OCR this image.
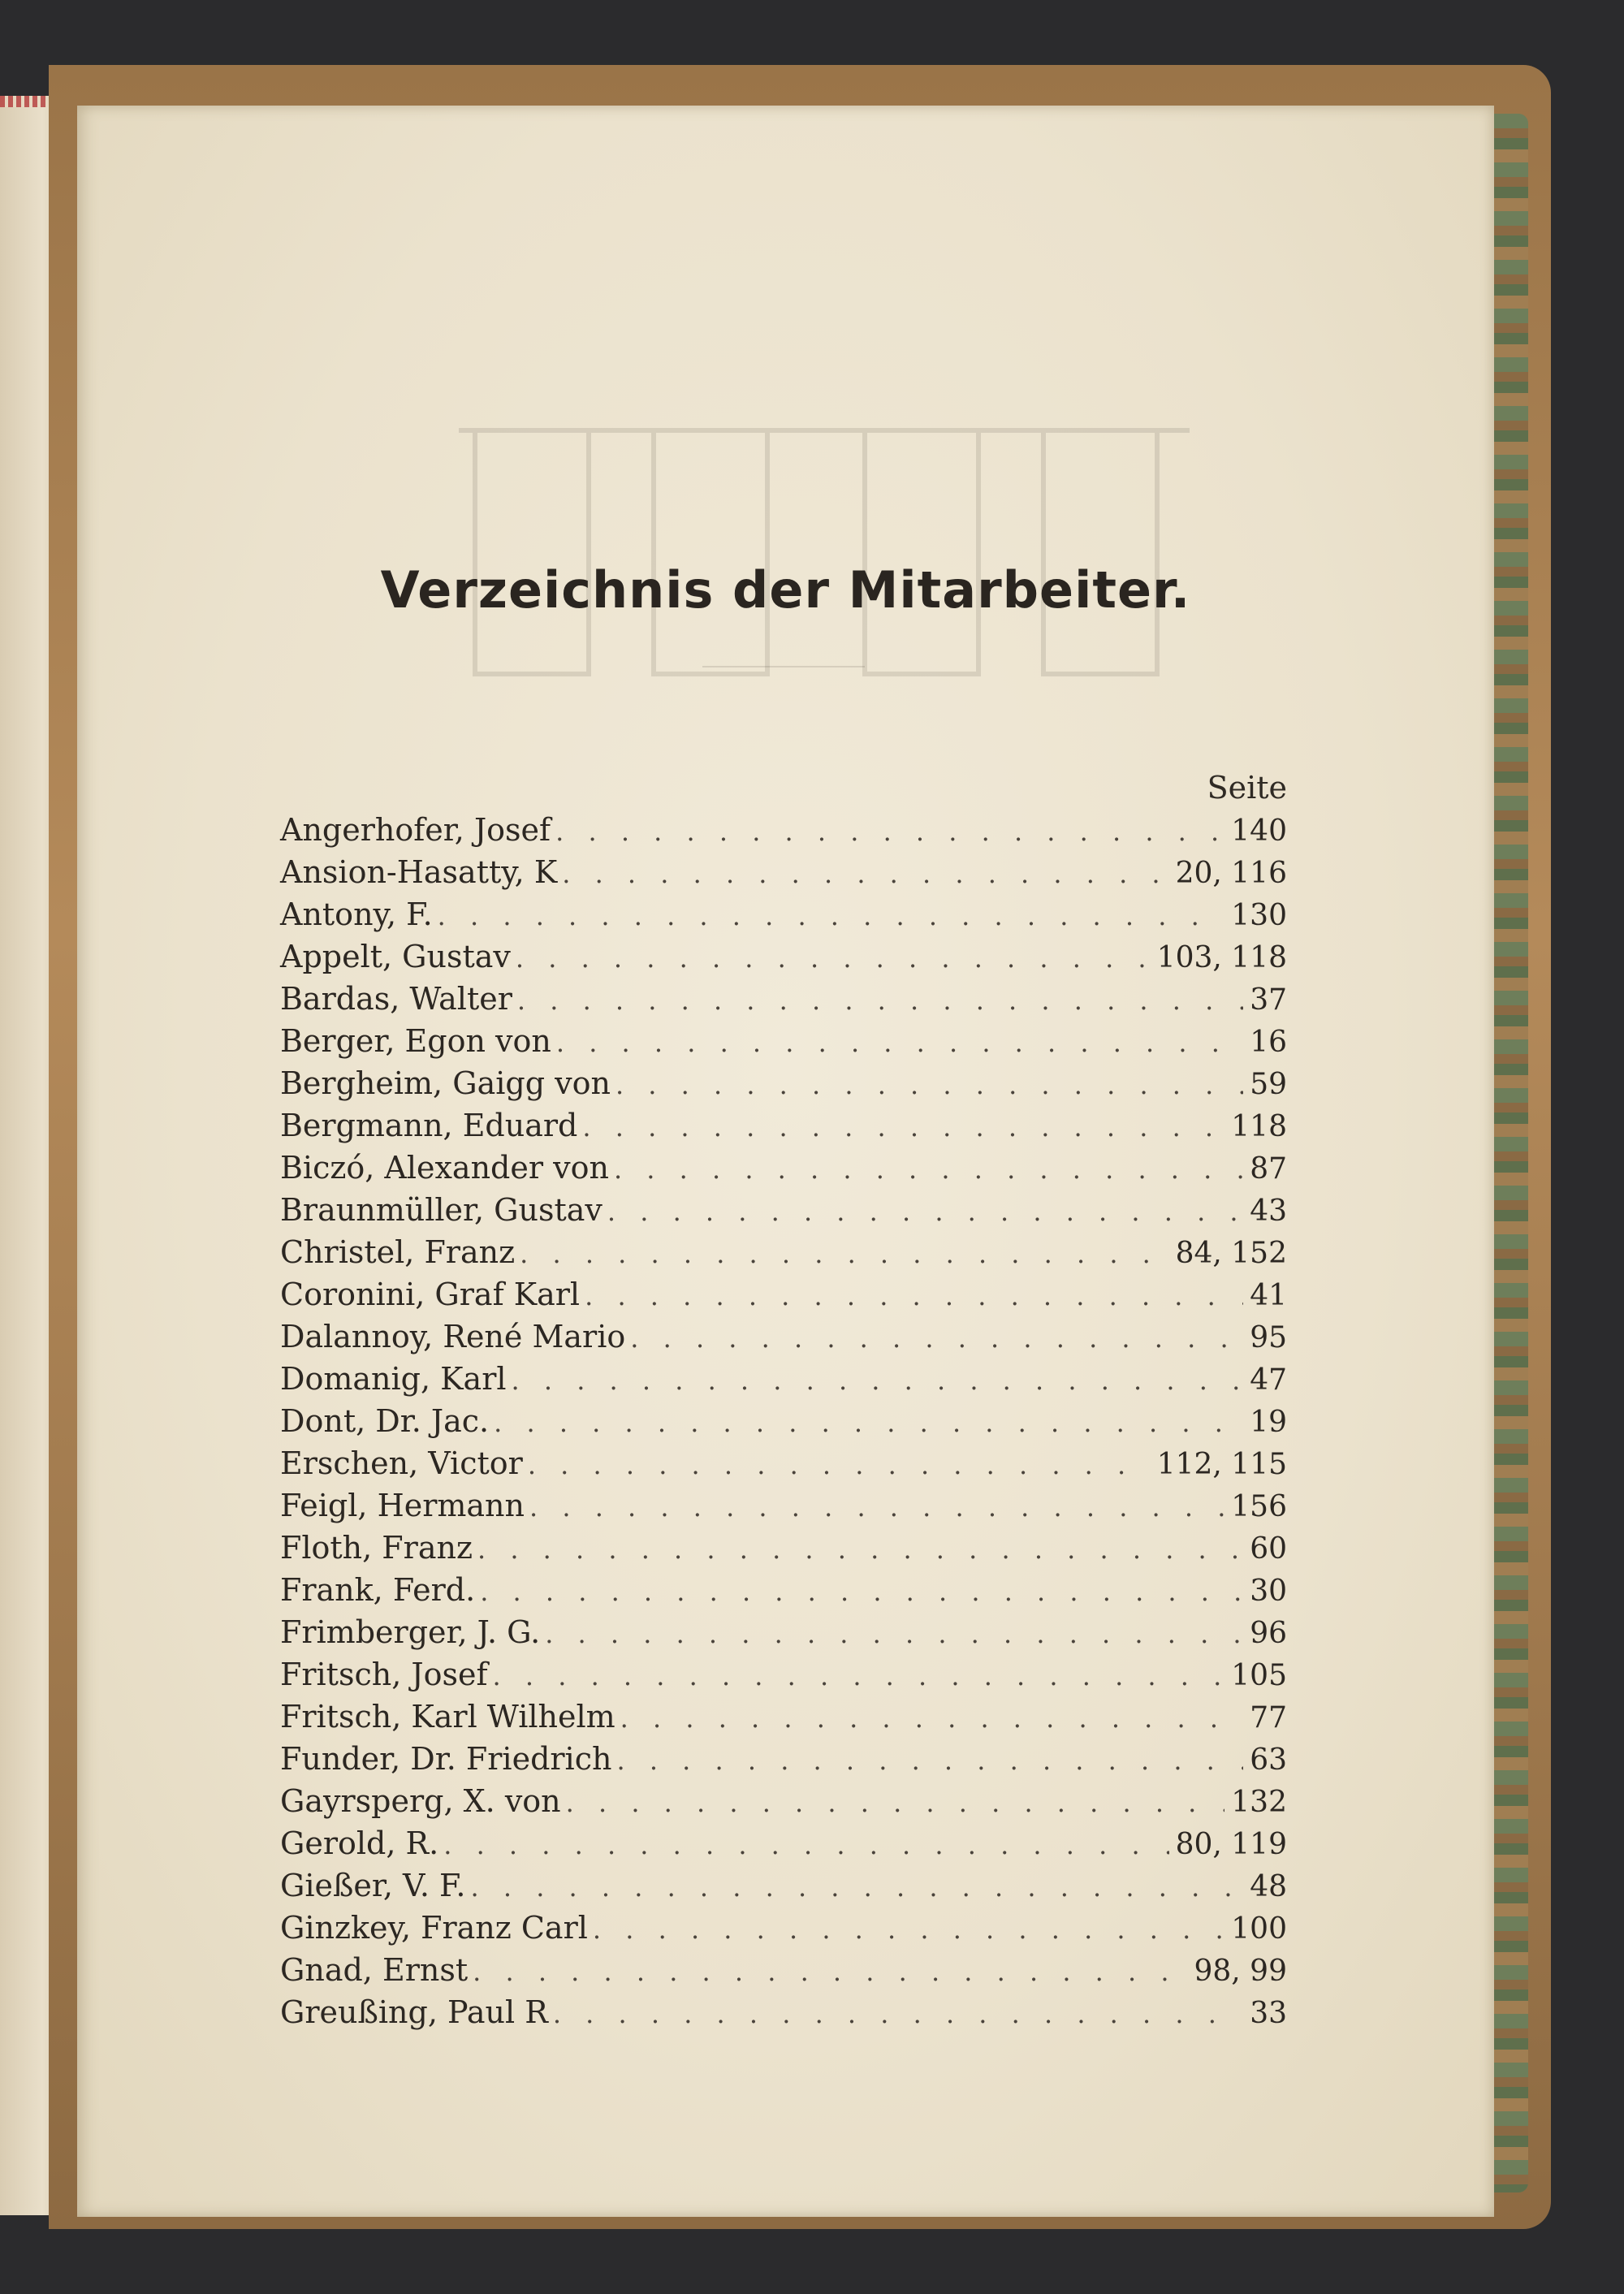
Verzeichnis der Mitarbeiter.
Seite
Angerhofer, Josef . . .	140
Ansion-Hasatty, K . . .	20, 116
Antony, F. . . .	130
Appelt, Gustav . . .	103, 118
Bardas, Walter . . .	37
Berger, Egon von . . .	16
Bergheim, Gaigg von . . .	59
Bergmann, Eduard . . .	118
Biczó, Alexander von . . .	87
Braunmüller, Gustav . . .	43
Christel, Franz . . .	84, 152
Coronini, Graf Karl . . .	41
Dalannoy, René Mario . . .	95
Domanig, Karl . . .	47
Dont, Dr. Jac. . . .	19
Erschen, Victor . . .	112, 115
Feigl, Hermann . . .	156
Floth, Franz . . .	60
Frank, Ferd. . . .	30
Frimberger, J. G. . . .	96
Fritsch, Josef . . .	105
Fritsch, Karl Wilhelm . . .	77
Funder, Dr. Friedrich . . .	63
Gayrsperg, X. von . . .	132
Gerold, R. . . .	80, 119
Gießer, V. F. . . .	48
Ginzkey, Franz Carl . . .	100
Gnad, Ernst . . .	98, 99
Greußing, Paul R . . .	33
